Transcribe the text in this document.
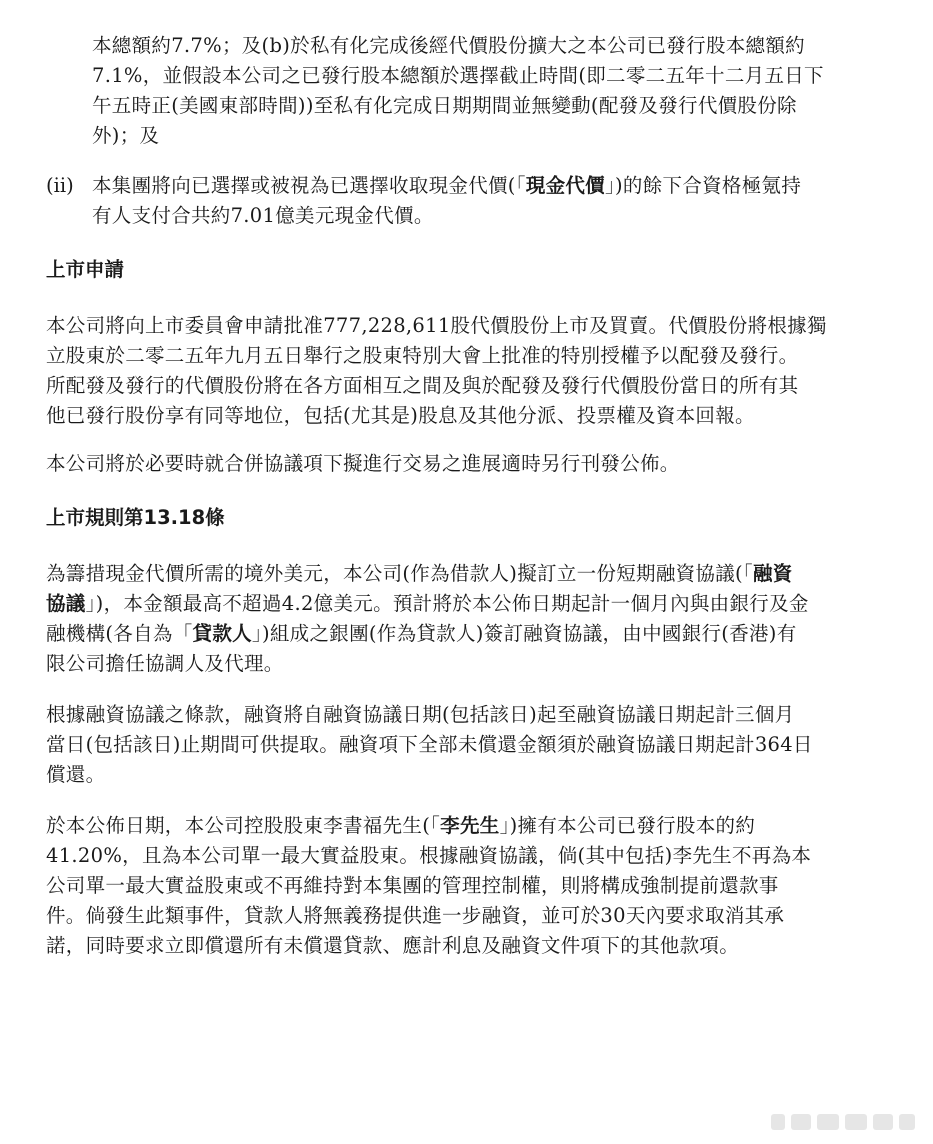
本總額約7.7%；及(b)於私有化完成後經代價股份擴大之本公司已發行股本總額約
7.1%，並假設本公司之已發行股本總額於選擇截止時間(即二零二五年十二月五日下
午五時正(美國東部時間))至私有化完成日期期間並無變動(配發及發行代價股份除
外)；及
(ii) 本集團將向已選擇或被視為已選擇收取現金代價(「現金代價」)的餘下合資格極氪持
有人支付合共約7.01億美元現金代價。
上市申請
本公司將向上市委員會申請批准777,228,611股代價股份上市及買賣。代價股份將根據獨
立股東於二零二五年九月五日舉行之股東特別大會上批准的特別授權予以配發及發行。
所配發及發行的代價股份將在各方面相互之間及與於配發及發行代價股份當日的所有其
他已發行股份享有同等地位，包括(尤其是)股息及其他分派、投票權及資本回報。
本公司將於必要時就合併協議項下擬進行交易之進展適時另行刊發公佈。
上市規則第13.18條
為籌措現金代價所需的境外美元，本公司(作為借款人)擬訂立一份短期融資協議(「融資
協議」)，本金額最高不超過4.2億美元。預計將於本公佈日期起計一個月內與由銀行及金
融機構(各自為「貸款人」)組成之銀團(作為貸款人)簽訂融資協議，由中國銀行(香港)有
限公司擔任協調人及代理。
根據融資協議之條款，融資將自融資協議日期(包括該日)起至融資協議日期起計三個月
當日(包括該日)止期間可供提取。融資項下全部未償還金額須於融資協議日期起計364日
償還。
於本公佈日期，本公司控股股東李書福先生(「李先生」)擁有本公司已發行股本的約
41.20%，且為本公司單一最大實益股東。根據融資協議，倘(其中包括)李先生不再為本
公司單一最大實益股東或不再維持對本集團的管理控制權，則將構成強制提前還款事
件。倘發生此類事件，貸款人將無義務提供進一步融資，並可於30天內要求取消其承
諾，同時要求立即償還所有未償還貸款、應計利息及融資文件項下的其他款項。
